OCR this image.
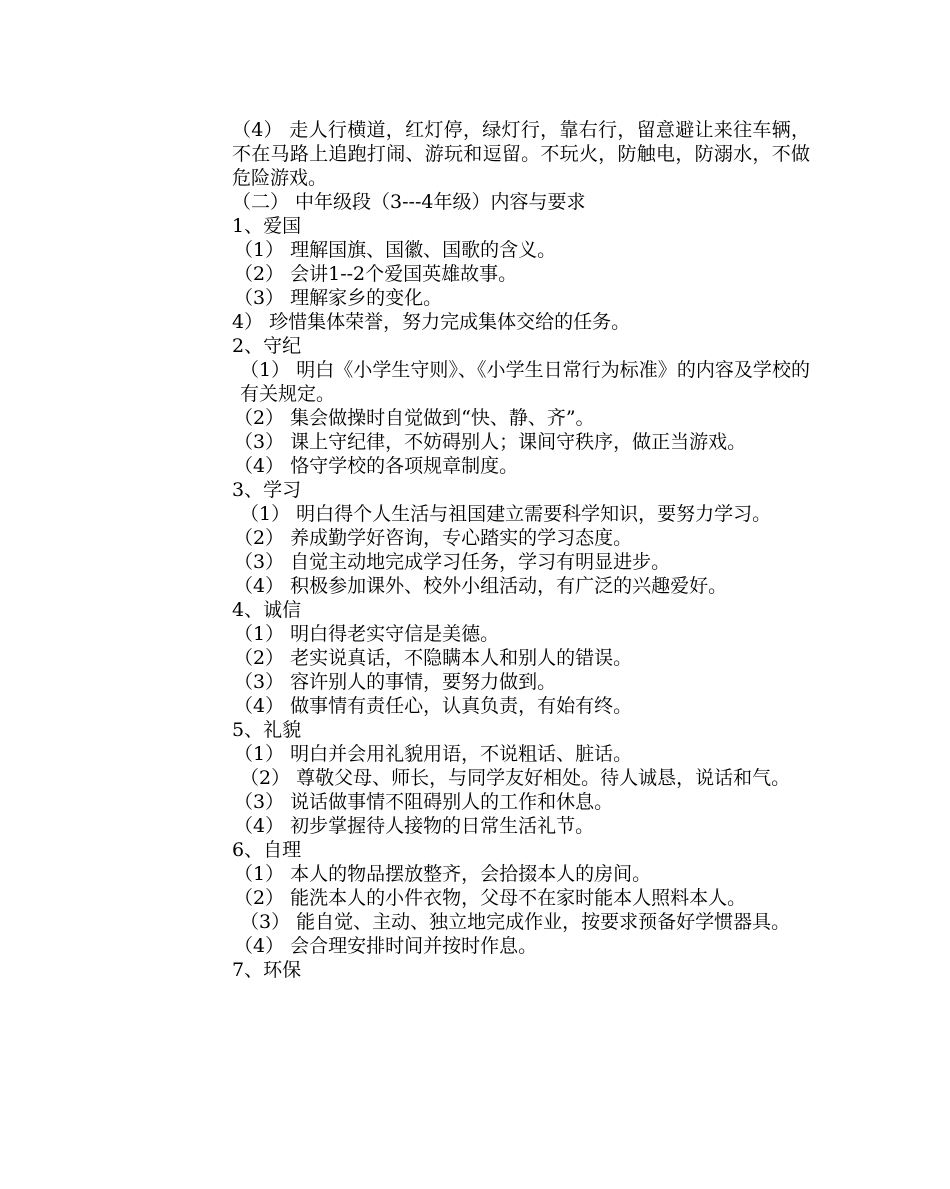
（4） 走人行横道，红灯停，绿灯行，靠右行，留意避让来往车辆，不在马路上追跑打闹、游玩和逗留。不玩火，防触电，防溺水，不做危险游戏。
（二） 中年级段（3---4年级）内容与要求
1、爱国
（1） 理解国旗、国徽、国歌的含义。
（2） 会讲1--2个爱国英雄故事。
（3） 理解家乡的变化。
4） 珍惜集体荣誉，努力完成集体交给的任务。
2、守纪
（1） 明白《小学生守则》、《小学生日常行为标准》的内容及学校的有关规定。
（2） 集会做操时自觉做到“快、静、齐”。
（3） 课上守纪律，不妨碍别人；课间守秩序，做正当游戏。
（4） 恪守学校的各项规章制度。
3、学习
（1） 明白得个人生活与祖国建立需要科学知识，要努力学习。
（2） 养成勤学好咨询，专心踏实的学习态度。
（3） 自觉主动地完成学习任务，学习有明显进步。
（4） 积极参加课外、校外小组活动，有广泛的兴趣爱好。
4、诚信
（1） 明白得老实守信是美德。
（2） 老实说真话，不隐瞒本人和别人的错误。
（3） 容许别人的事情，要努力做到。
（4） 做事情有责任心，认真负责，有始有终。
5、礼貌
（1） 明白并会用礼貌用语，不说粗话、脏话。
（2） 尊敬父母、师长，与同学友好相处。待人诚恳，说话和气。
（3） 说话做事情不阻碍别人的工作和休息。
（4） 初步掌握待人接物的日常生活礼节。
6、自理
（1） 本人的物品摆放整齐，会拾掇本人的房间。
（2） 能洗本人的小件衣物，父母不在家时能本人照料本人。
（3） 能自觉、主动、独立地完成作业，按要求预备好学惯器具。
（4） 会合理安排时间并按时作息。
7、环保
